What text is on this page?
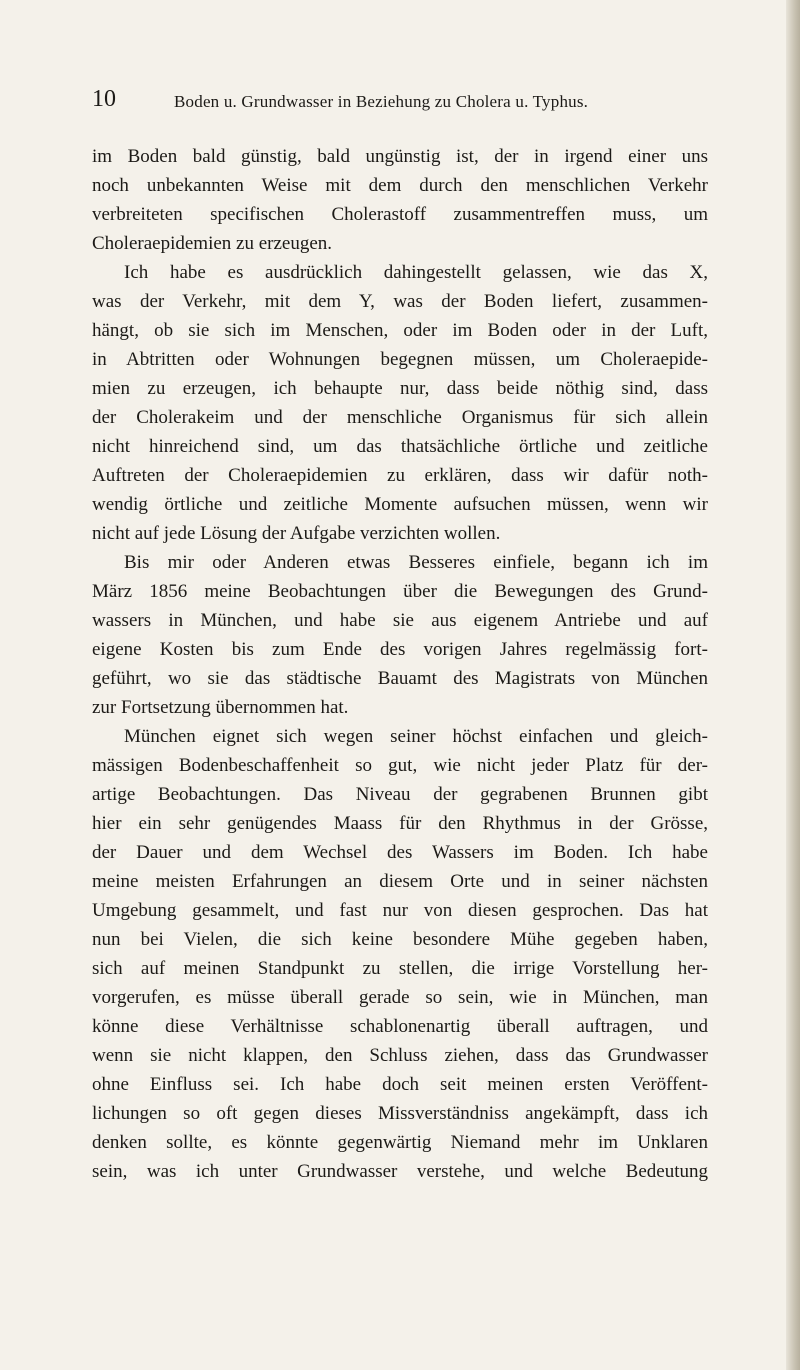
10	Boden u. Grundwasser in Beziehung zu Cholera u. Typhus.
im Boden bald günstig, bald ungünstig ist, der in irgend einer uns
noch unbekannten Weise mit dem durch den menschlichen Verkehr
verbreiteten specifischen Cholerastoff zusammentreffen muss, um
Choleraepidemien zu erzeugen.
Ich habe es ausdrücklich dahingestellt gelassen, wie das X,
was der Verkehr, mit dem Y, was der Boden liefert, zusammen-
hängt, ob sie sich im Menschen, oder im Boden oder in der Luft,
in Abtritten oder Wohnungen begegnen müssen, um Choleraepide-
mien zu erzeugen, ich behaupte nur, dass beide nöthig sind, dass
der Cholerakeim und der menschliche Organismus für sich allein
nicht hinreichend sind, um das thatsächliche örtliche und zeitliche
Auftreten der Choleraepidemien zu erklären, dass wir dafür noth-
wendig örtliche und zeitliche Momente aufsuchen müssen, wenn wir
nicht auf jede Lösung der Aufgabe verzichten wollen.
Bis mir oder Anderen etwas Besseres einfiele, begann ich im
März 1856 meine Beobachtungen über die Bewegungen des Grund-
wassers in München, und habe sie aus eigenem Antriebe und auf
eigene Kosten bis zum Ende des vorigen Jahres regelmässig fort-
geführt, wo sie das städtische Bauamt des Magistrats von München
zur Fortsetzung übernommen hat.
München eignet sich wegen seiner höchst einfachen und gleich-
mässigen Bodenbeschaffenheit so gut, wie nicht jeder Platz für der-
artige Beobachtungen. Das Niveau der gegrabenen Brunnen gibt
hier ein sehr genügendes Maass für den Rhythmus in der Grösse,
der Dauer und dem Wechsel des Wassers im Boden. Ich habe
meine meisten Erfahrungen an diesem Orte und in seiner nächsten
Umgebung gesammelt, und fast nur von diesen gesprochen. Das hat
nun bei Vielen, die sich keine besondere Mühe gegeben haben,
sich auf meinen Standpunkt zu stellen, die irrige Vorstellung her-
vorgerufen, es müsse überall gerade so sein, wie in München, man
könne diese Verhältnisse schablonenartig überall auftragen, und
wenn sie nicht klappen, den Schluss ziehen, dass das Grundwasser
ohne Einfluss sei. Ich habe doch seit meinen ersten Veröffent-
lichungen so oft gegen dieses Missverständniss angekämpft, dass ich
denken sollte, es könnte gegenwärtig Niemand mehr im Unklaren
sein, was ich unter Grundwasser verstehe, und welche Bedeutung
